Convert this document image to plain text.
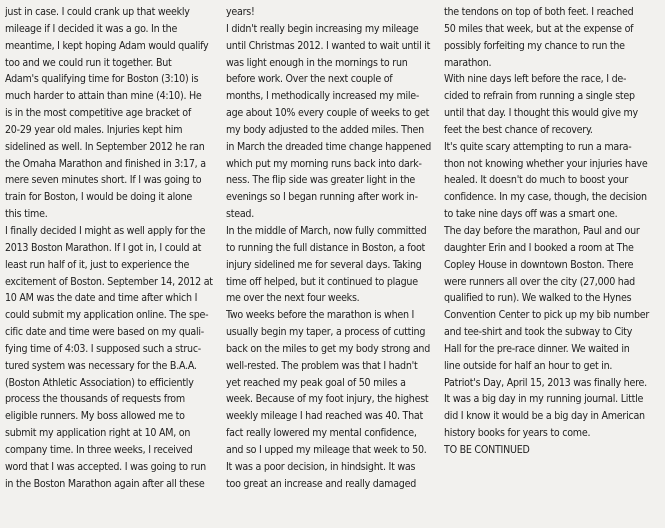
just in case. I could crank up that weekly
mileage if I decided it was a go. In the
meantime, I kept hoping Adam would qualify
too and we could run it together. But
Adam's qualifying time for Boston (3:10) is
much harder to attain than mine (4:10). He
is in the most competitive age bracket of
20-29 year old males. Injuries kept him
sidelined as well. In September 2012 he ran
the Omaha Marathon and finished in 3:17, a
mere seven minutes short. If I was going to
train for Boston, I would be doing it alone
this time.
I finally decided I might as well apply for the
2013 Boston Marathon. If I got in, I could at
least run half of it, just to experience the
excitement of Boston. September 14, 2012 at
10 AM was the date and time after which I
could submit my application online. The spe-
cific date and time were based on my quali-
fying time of 4:03. I supposed such a struc-
tured system was necessary for the B.A.A.
(Boston Athletic Association) to efficiently
process the thousands of requests from
eligible runners. My boss allowed me to
submit my application right at 10 AM, on
company time. In three weeks, I received
word that I was accepted. I was going to run
in the Boston Marathon again after all these
years!
I didn't really begin increasing my mileage
until Christmas 2012. I wanted to wait until it
was light enough in the mornings to run
before work. Over the next couple of
months, I methodically increased my mile-
age about 10% every couple of weeks to get
my body adjusted to the added miles. Then
in March the dreaded time change happened
which put my morning runs back into dark-
ness. The flip side was greater light in the
evenings so I began running after work in-
stead.
In the middle of March, now fully committed
to running the full distance in Boston, a foot
injury sidelined me for several days. Taking
time off helped, but it continued to plague
me over the next four weeks.
Two weeks before the marathon is when I
usually begin my taper, a process of cutting
back on the miles to get my body strong and
well-rested. The problem was that I hadn't
yet reached my peak goal of 50 miles a
week. Because of my foot injury, the highest
weekly mileage I had reached was 40. That
fact really lowered my mental confidence,
and so I upped my mileage that week to 50.
It was a poor decision, in hindsight. It was
too great an increase and really damaged
the tendons on top of both feet. I reached
50 miles that week, but at the expense of
possibly forfeiting my chance to run the
marathon.
With nine days left before the race, I de-
cided to refrain from running a single step
until that day. I thought this would give my
feet the best chance of recovery.
It's quite scary attempting to run a mara-
thon not knowing whether your injuries have
healed. It doesn't do much to boost your
confidence. In my case, though, the decision
to take nine days off was a smart one.
The day before the marathon, Paul and our
daughter Erin and I booked a room at The
Copley House in downtown Boston. There
were runners all over the city (27,000 had
qualified to run). We walked to the Hynes
Convention Center to pick up my bib number
and tee-shirt and took the subway to City
Hall for the pre-race dinner. We waited in
line outside for half an hour to get in.
Patriot's Day, April 15, 2013 was finally here.
It was a big day in my running journal. Little
did I know it would be a big day in American
history books for years to come.
TO BE CONTINUED
